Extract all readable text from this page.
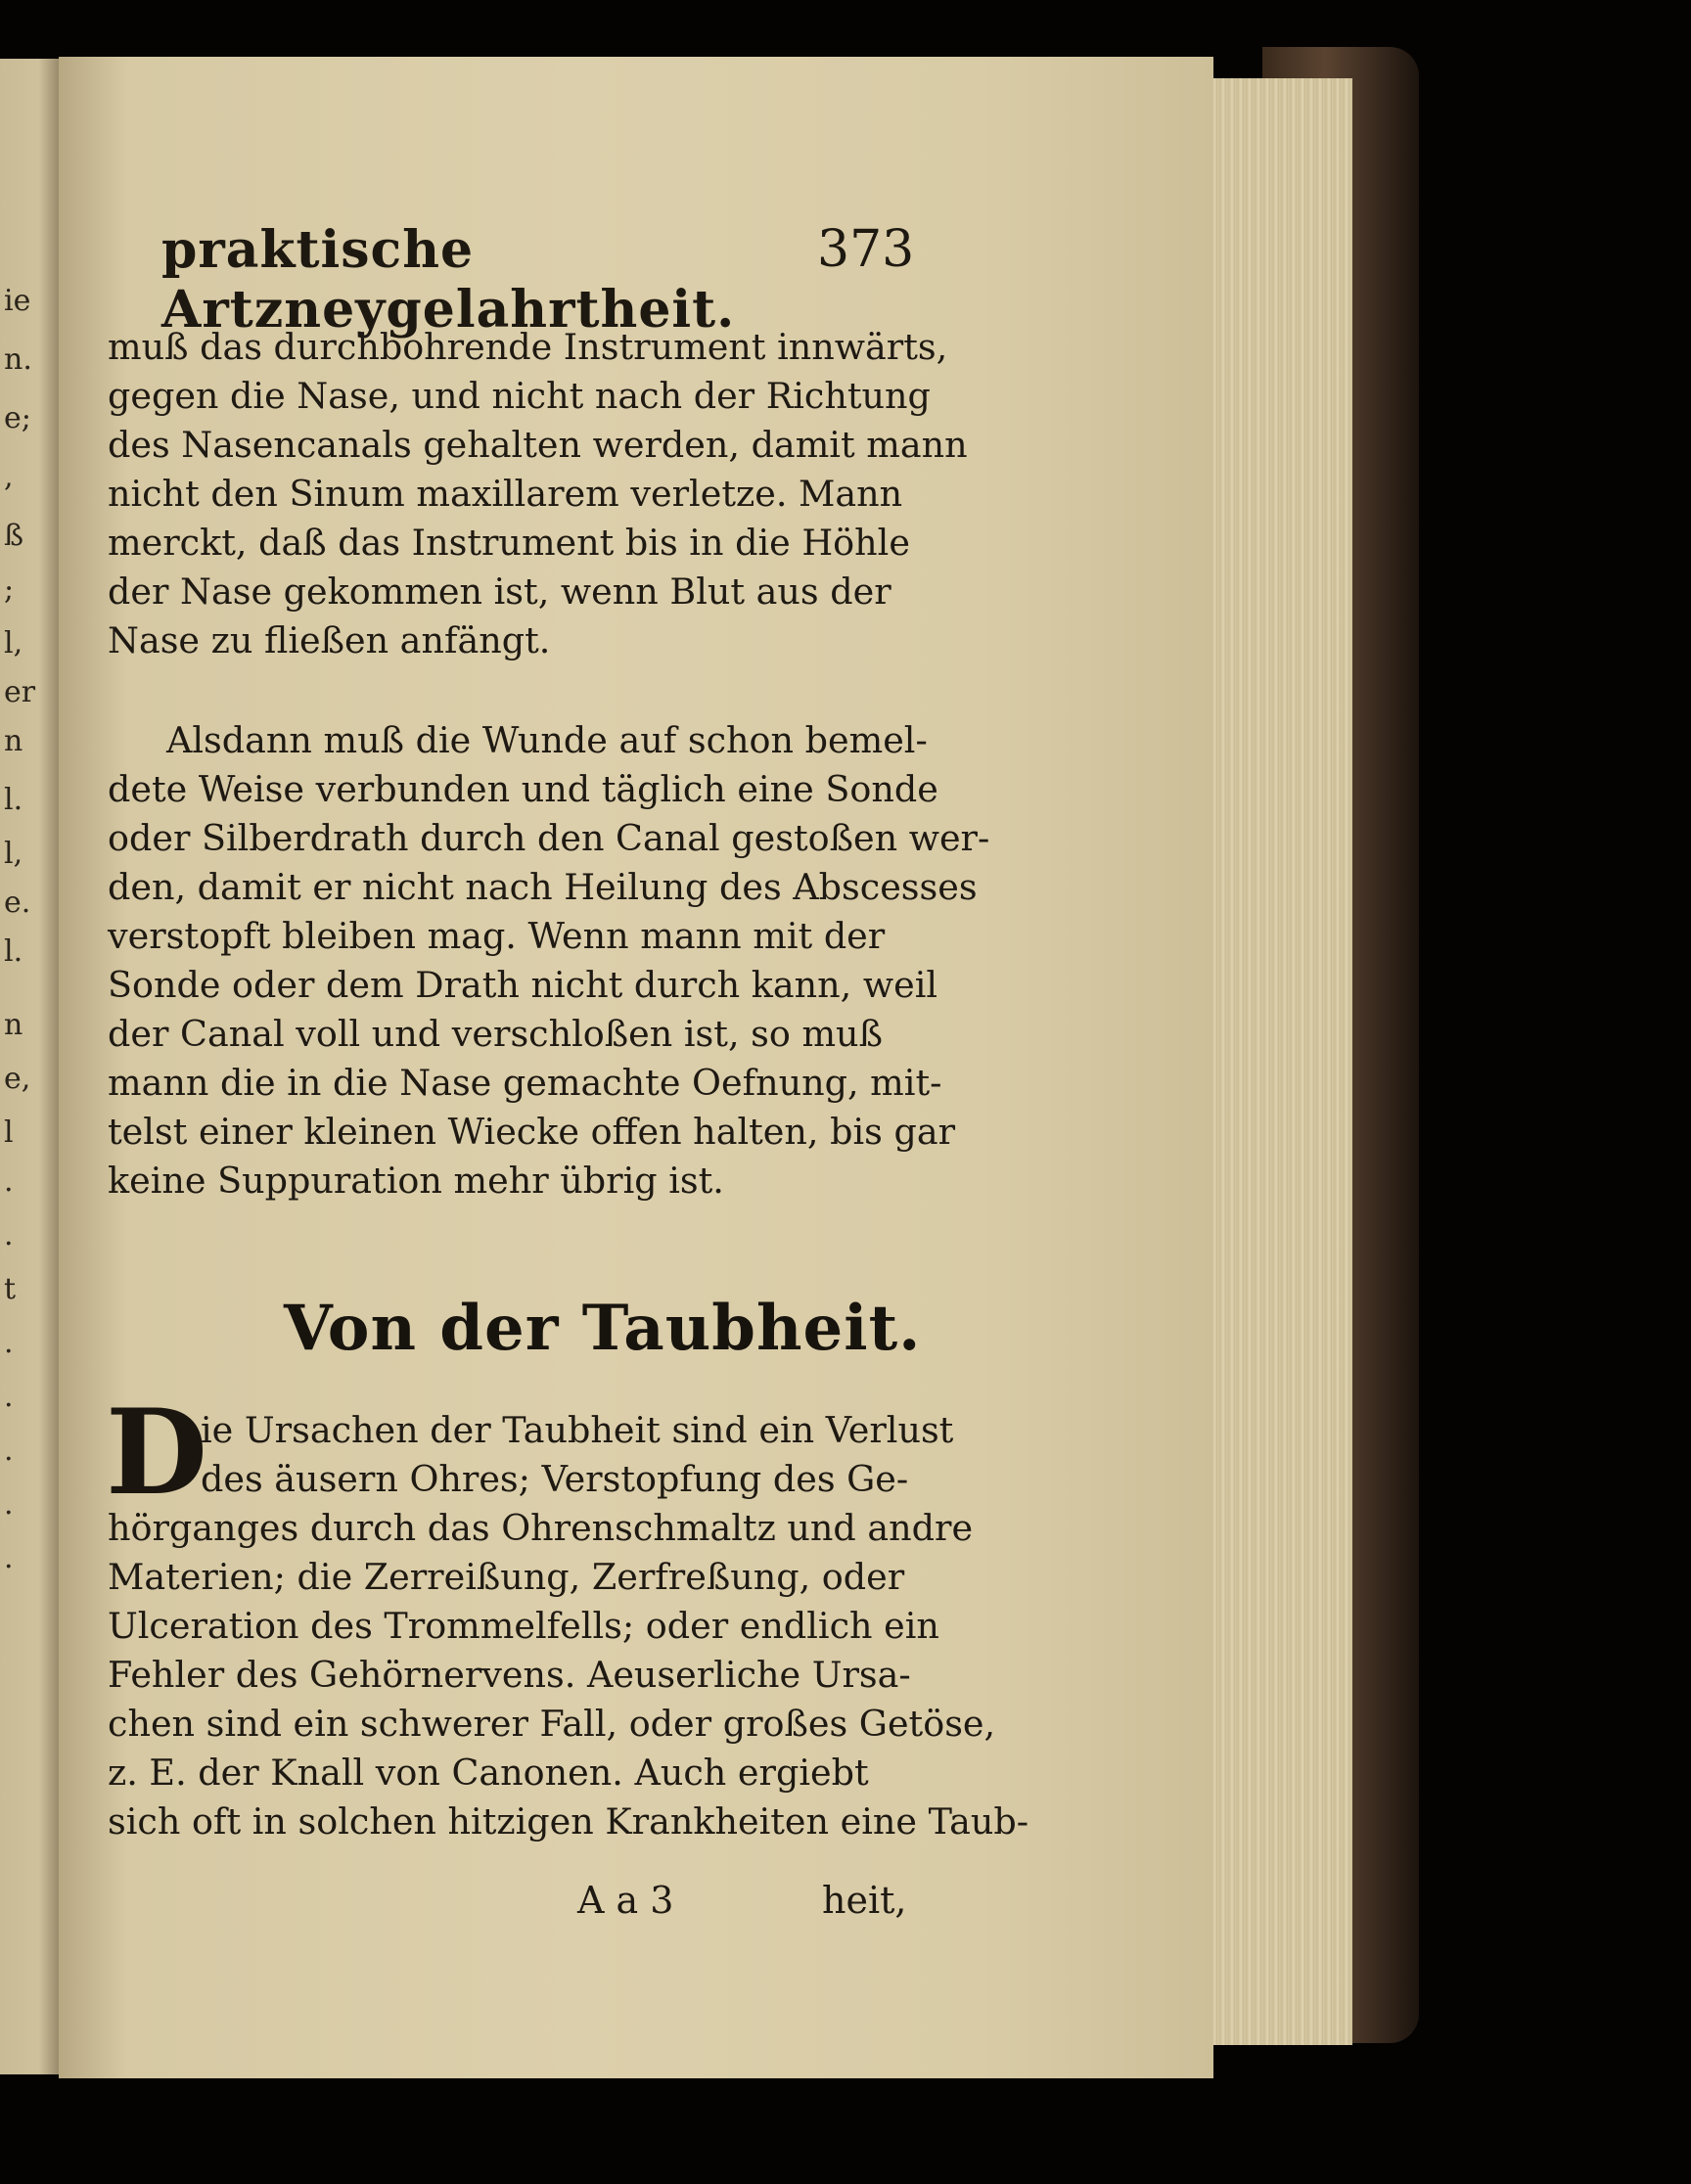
ie
n.
e;
,
ß
;
l,
er
n
l.
l,
e.
l.
n
e,
l
.
.
t
.
.
.
.
.
praktische Artzneygelahrtheit.
373
muß das durchbohrende Instrument innwärts,
gegen die Nase, und nicht nach der Richtung
des Nasencanals gehalten werden, damit mann
nicht den Sinum maxillarem verletze. Mann
merckt, daß das Instrument bis in die Höhle
der Nase gekommen ist, wenn Blut aus der
Nase zu fließen anfängt.
Alsdann muß die Wunde auf schon bemel-
dete Weise verbunden und täglich eine Sonde
oder Silberdrath durch den Canal gestoßen wer-
den, damit er nicht nach Heilung des Abscesses
verstopft bleiben mag. Wenn mann mit der
Sonde oder dem Drath nicht durch kann, weil
der Canal voll und verschloßen ist, so muß
mann die in die Nase gemachte Oefnung, mit-
telst einer kleinen Wiecke offen halten, bis gar
keine Suppuration mehr übrig ist.
Von der Taubheit.
D
ie Ursachen der Taubheit sind ein Verlust
des äusern Ohres; Verstopfung des Ge-
hörganges durch das Ohrenschmaltz und andre
Materien; die Zerreißung, Zerfreßung, oder
Ulceration des Trommelfells; oder endlich ein
Fehler des Gehörnervens. Aeuserliche Ursa-
chen sind ein schwerer Fall, oder großes Getöse,
z. E. der Knall von Canonen. Auch ergiebt
sich oft in solchen hitzigen Krankheiten eine Taub-
A a 3	heit,
